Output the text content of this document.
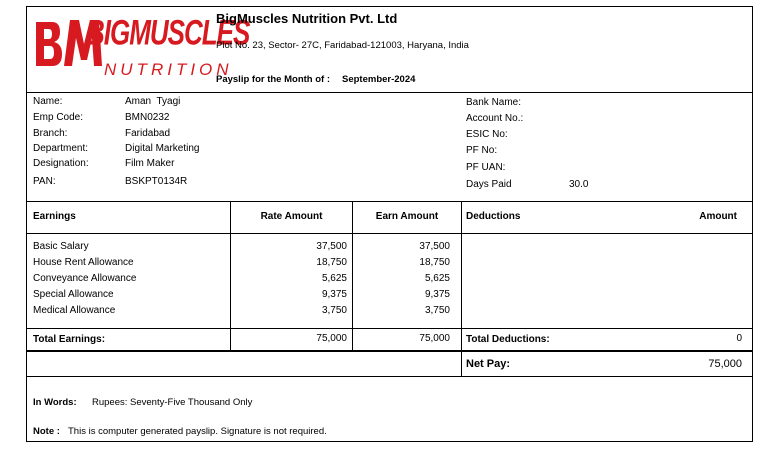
BIGMUSCLES
NUTRITION
BigMuscles Nutrition Pvt. Ltd
Plot No. 23, Sector- 27C, Faridabad-121003, Haryana, India
Payslip for the Month of : September-2024
Name:	Aman  Tyagi
Emp Code:	BMN0232
Branch:	Faridabad
Department:	Digital Marketing
Designation:	Film Maker
PAN:	BSKPT0134R
Bank Name:
Account No.:
ESIC No:
PF No:
PF UAN:
Days Paid	30.0
Earnings	Rate Amount	Earn Amount	Deductions	Amount
Basic Salary	37,500	37,500
House Rent Allowance	18,750	18,750
Conveyance Allowance	5,625	5,625
Special Allowance	9,375	9,375
Medical Allowance	3,750	3,750
Total Earnings:	75,000	75,000 Total Deductions:	0
Net Pay:	75,000
In Words: Rupees: Seventy-Five Thousand Only
Note : This is computer generated payslip. Signature is not required.
